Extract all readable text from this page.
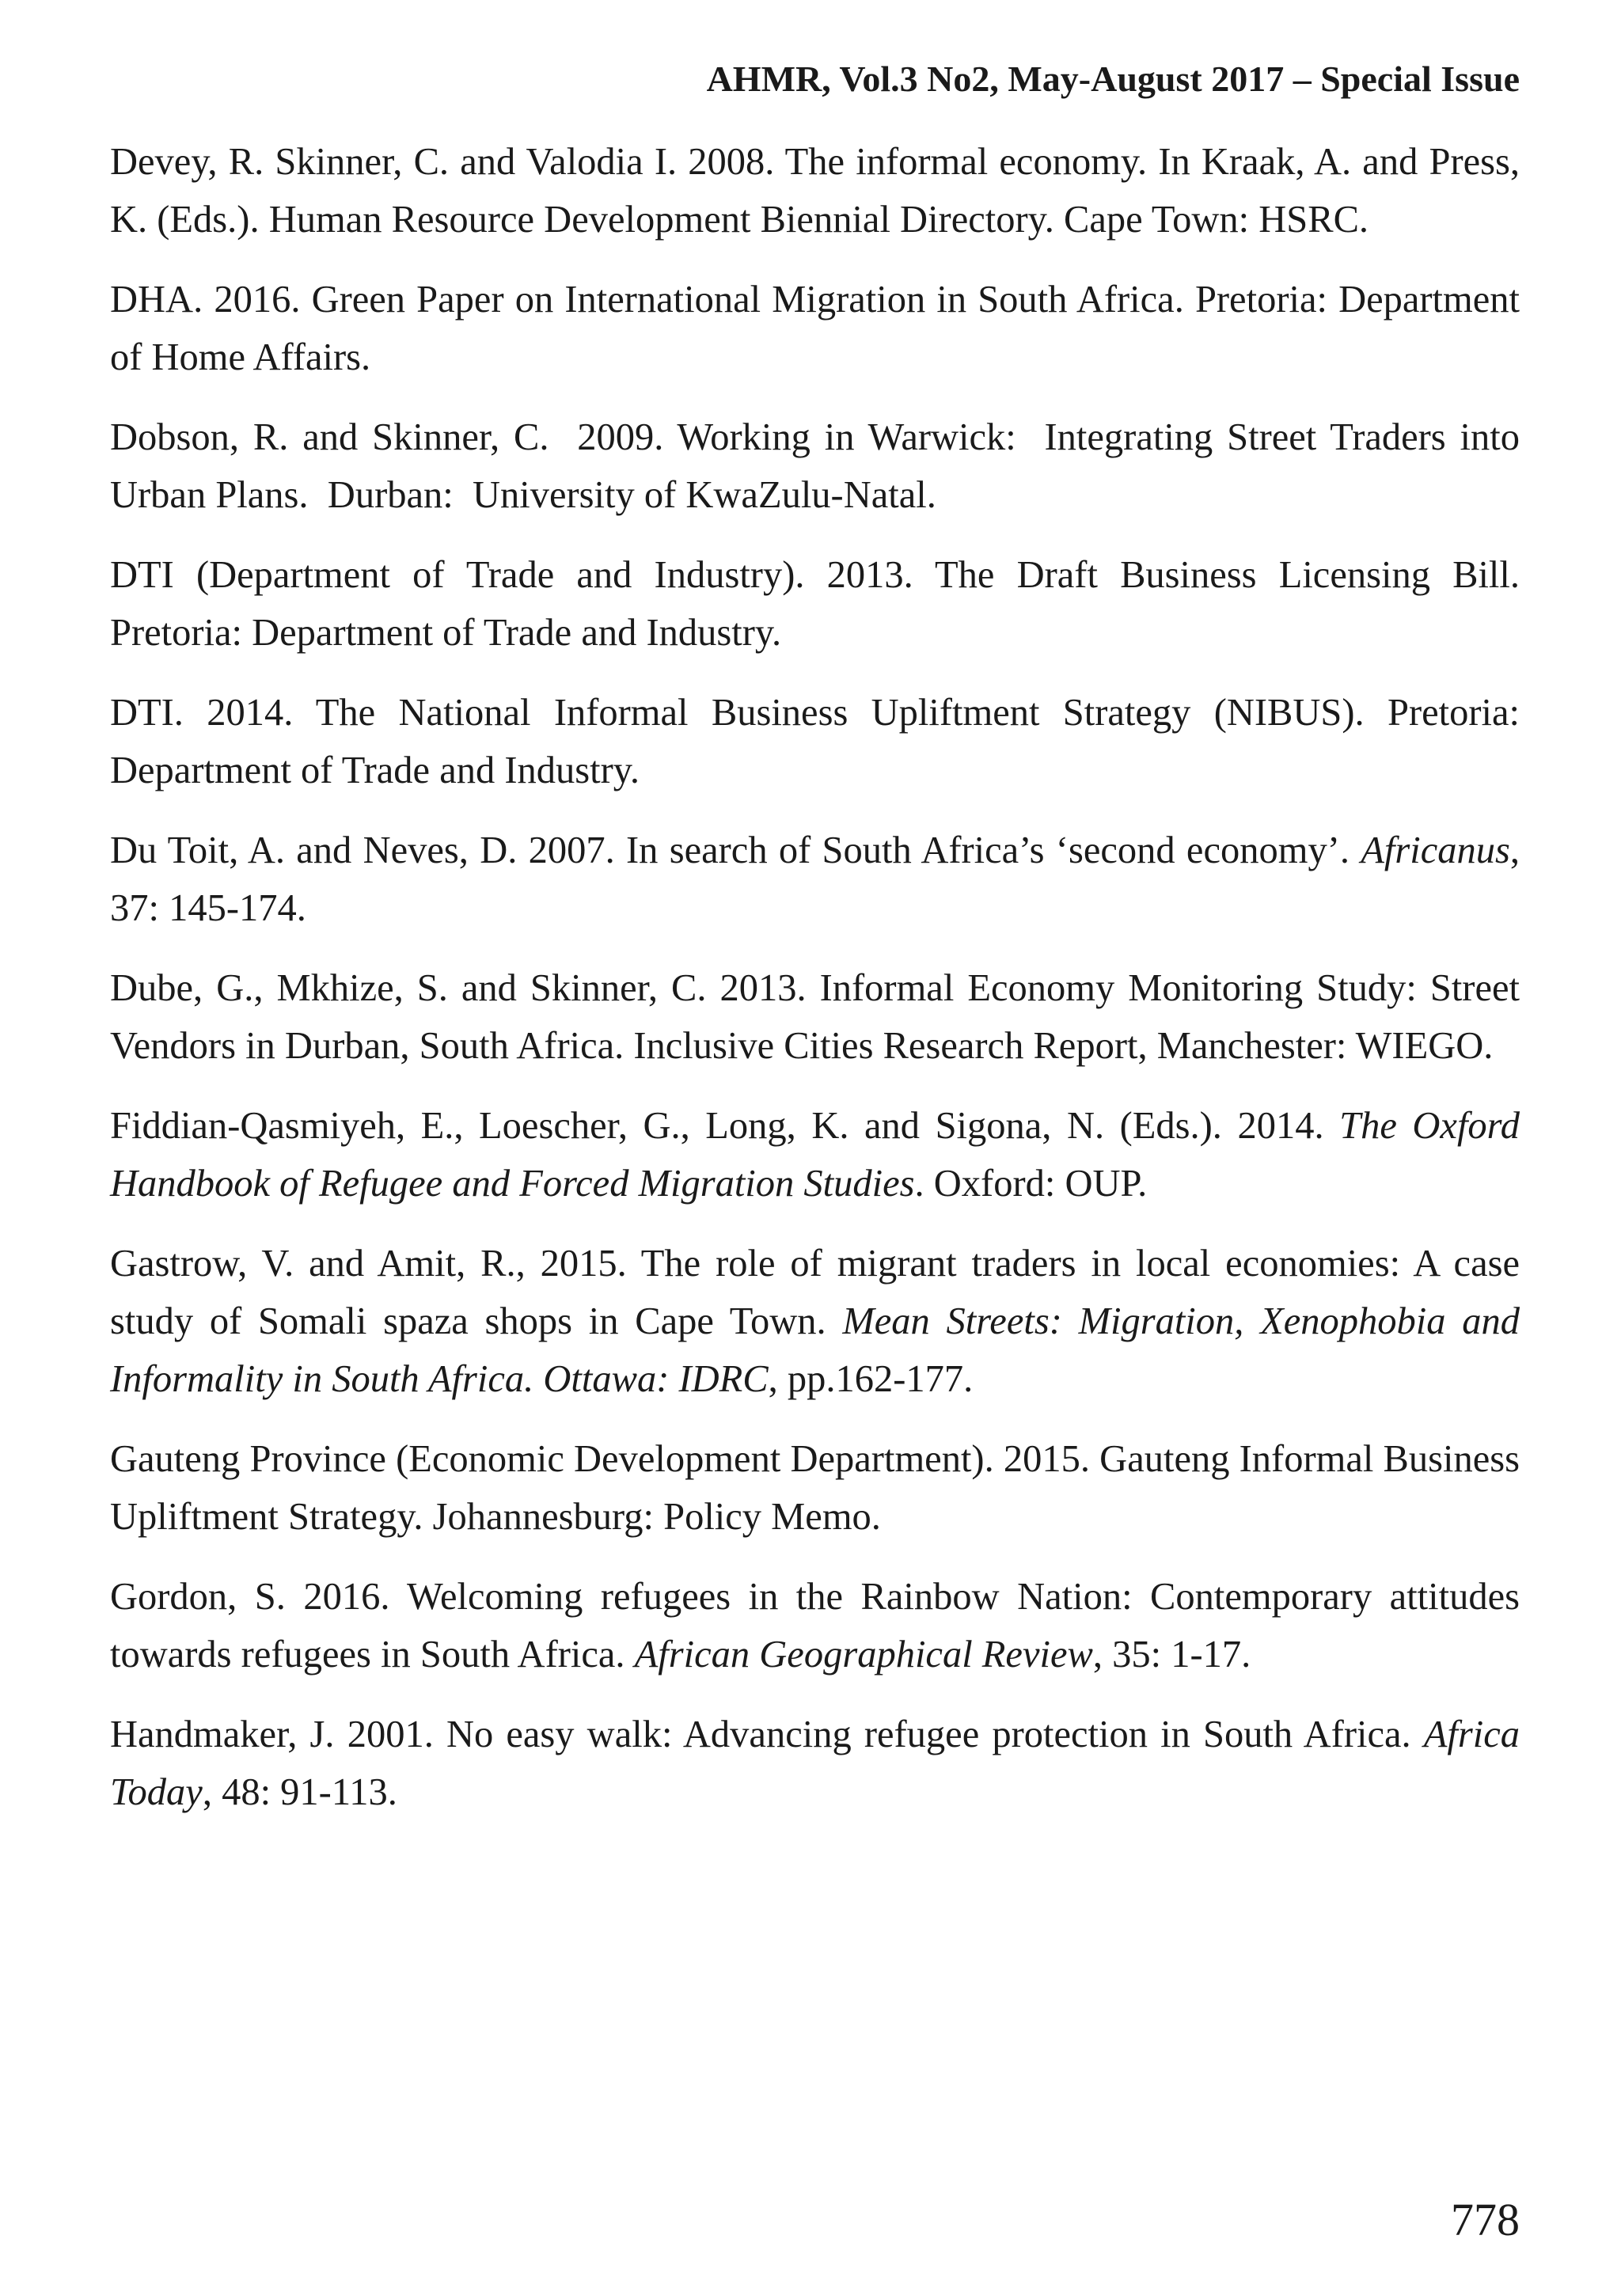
AHMR, Vol.3 No2, May-August 2017 – Special Issue

Devey, R. Skinner, C. and Valodia I. 2008. The informal economy. In Kraak, A. and Press, K. (Eds.). Human Resource Development Biennial Directory. Cape Town: HSRC.

DHA. 2016. Green Paper on International Migration in South Africa. Pretoria: Department of Home Affairs.

Dobson, R. and Skinner, C.  2009. Working in Warwick:  Integrating Street Traders into Urban Plans.  Durban:  University of KwaZulu-Natal.

DTI (Department of Trade and Industry). 2013. The Draft Business Licensing Bill. Pretoria: Department of Trade and Industry.

DTI. 2014. The National Informal Business Upliftment Strategy (NIBUS). Pretoria: Department of Trade and Industry.

Du Toit, A. and Neves, D. 2007. In search of South Africa’s ‘second economy’. Africanus, 37: 145-174.

Dube, G., Mkhize, S. and Skinner, C. 2013. Informal Economy Monitoring Study: Street Vendors in Durban, South Africa. Inclusive Cities Research Report, Manchester: WIEGO.

Fiddian-Qasmiyeh, E., Loescher, G., Long, K. and Sigona, N. (Eds.). 2014. The Oxford Handbook of Refugee and Forced Migration Studies. Oxford: OUP.

Gastrow, V. and Amit, R., 2015. The role of migrant traders in local economies: A case study of Somali spaza shops in Cape Town. Mean Streets: Migration, Xenophobia and Informality in South Africa. Ottawa: IDRC, pp.162-177.

Gauteng Province (Economic Development Department). 2015. Gauteng Informal Business Upliftment Strategy. Johannesburg: Policy Memo.

Gordon, S. 2016. Welcoming refugees in the Rainbow Nation: Contemporary attitudes towards refugees in South Africa. African Geographical Review, 35: 1-17.

Handmaker, J. 2001. No easy walk: Advancing refugee protection in South Africa. Africa Today, 48: 91-113.

778
